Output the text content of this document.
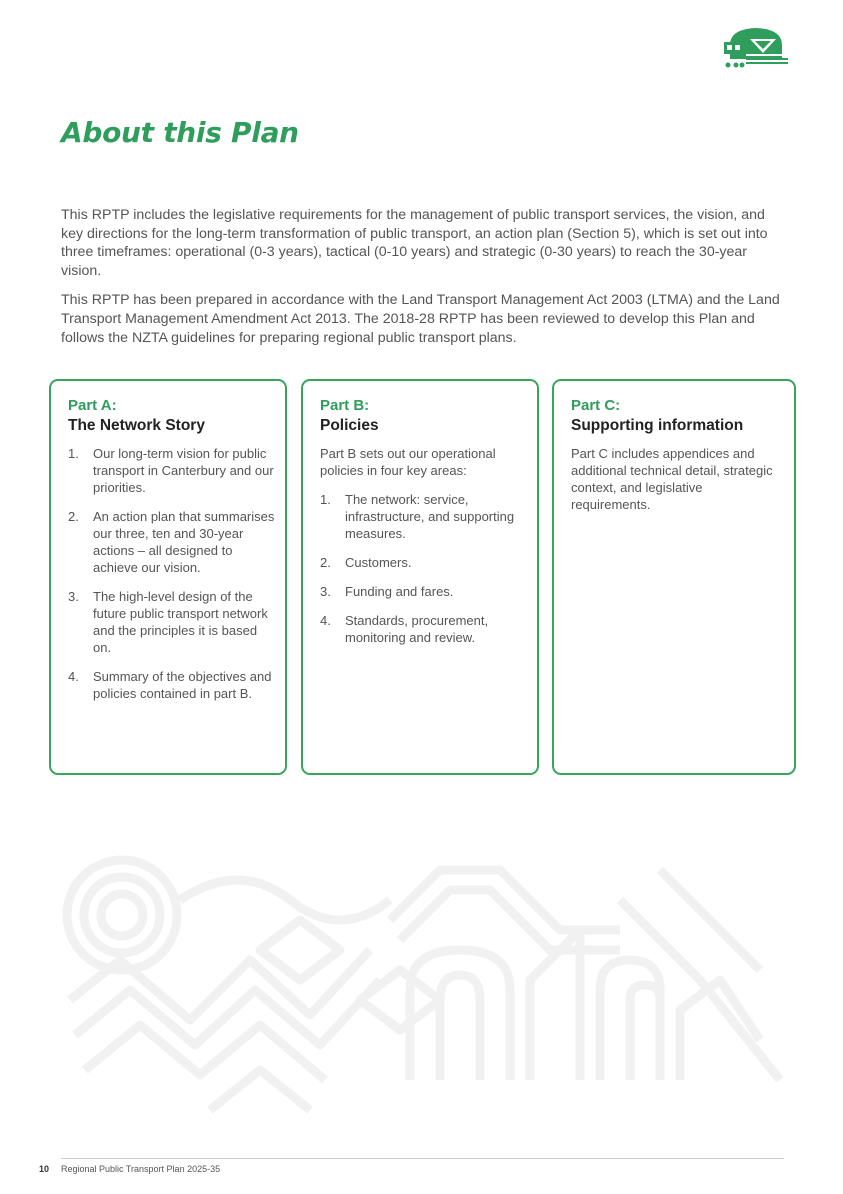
About this Plan

This RPTP includes the legislative requirements for the management of public transport services, the vision, and key directions for the long-term transformation of public transport, an action plan (Section 5), which is set out into three timeframes: operational (0-3 years), tactical (0-10 years) and strategic (0-30 years) to reach the 30-year vision.

This RPTP has been prepared in accordance with the Land Transport Management Act 2003 (LTMA) and the Land Transport Management Amendment Act 2013. The 2018-28 RPTP has been reviewed to develop this Plan and follows the NZTA guidelines for preparing regional public transport plans.

Part A:
The Network Story
1. Our long-term vision for public transport in Canterbury and our priorities.
2. An action plan that summarises our three, ten and 30-year actions – all designed to achieve our vision.
3. The high-level design of the future public transport network and the principles it is based on.
4. Summary of the objectives and policies contained in part B.
Part B:
Policies

Part B sets out our operational policies in four key areas:

1. The network: service, infrastructure, and supporting measures.
2. Customers.
3. Funding and fares.
4. Standards, procurement, monitoring and review.
Part C:
Supporting information

Part C includes appendices and additional technical detail, strategic context, and legislative requirements.

10 Regional Public Transport Plan 2025-35
